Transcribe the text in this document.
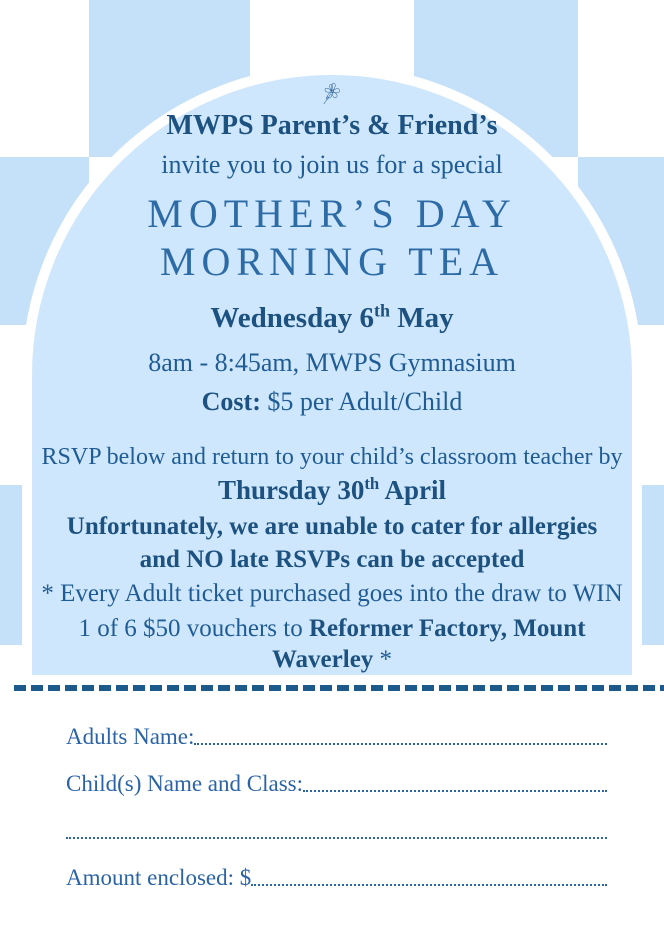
MWPS Parent’s & Friend’s
invite you to join us for a special
MOTHER’S DAY
MORNING TEA
Wednesday 6th May
8am - 8:45am, MWPS Gymnasium
Cost: $5 per Adult/Child
RSVP below and return to your child’s classroom teacher by
Thursday 30th April
Unfortunately, we are unable to cater for allergies
and NO late RSVPs can be accepted
* Every Adult ticket purchased goes into the draw to WIN
1 of 6 $50 vouchers to Reformer Factory, Mount Waverley *
Adults Name:
Child(s) Name and Class:
Amount enclosed: $
